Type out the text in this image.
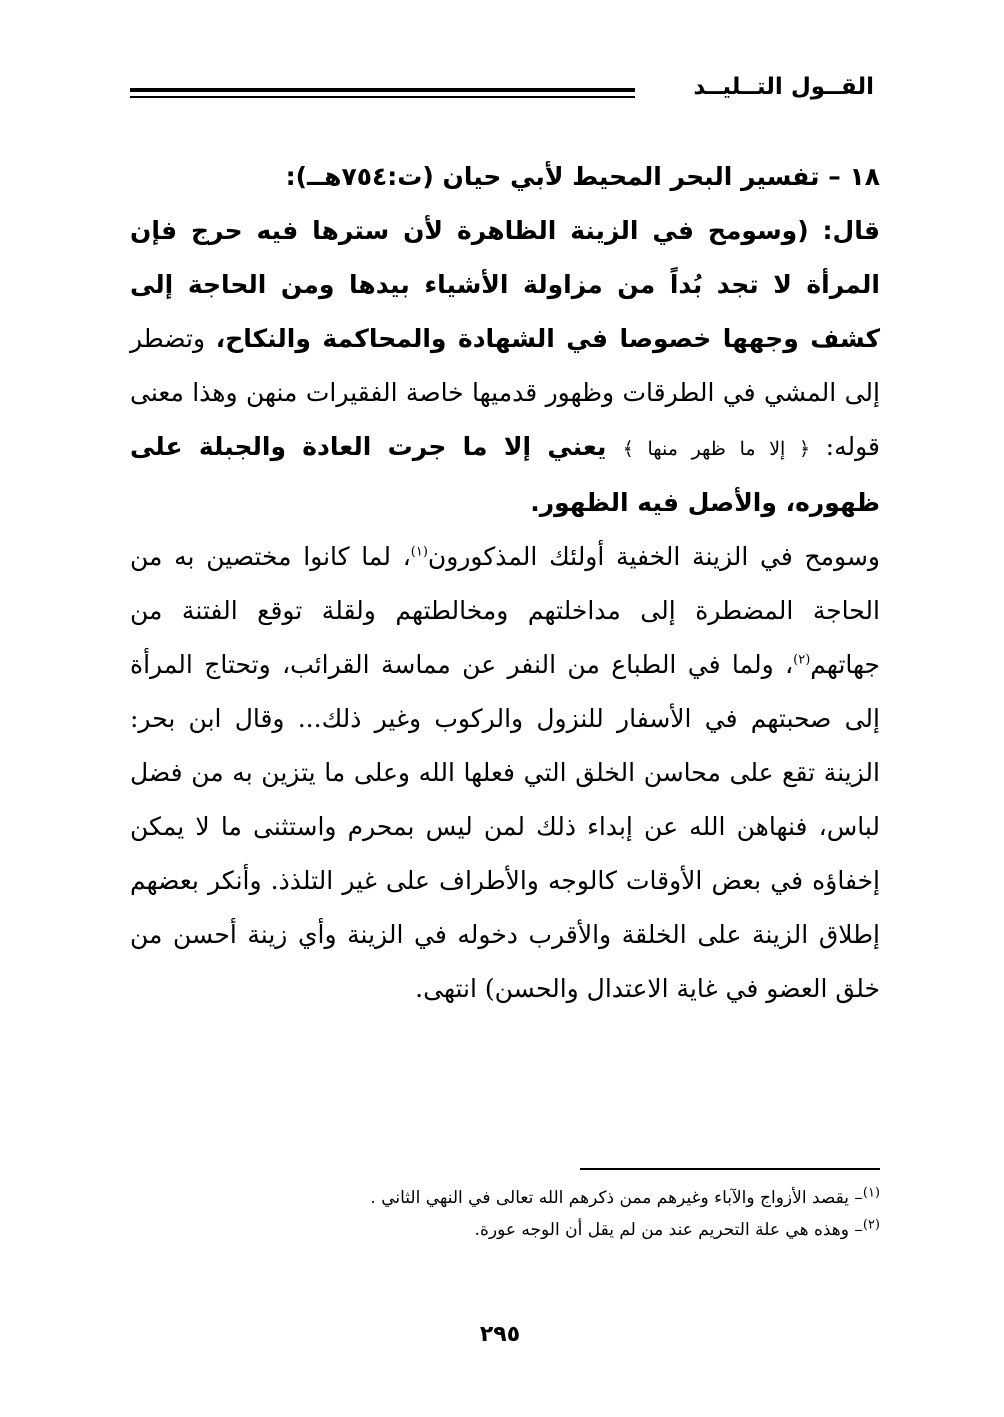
القــول التــليــد

١٨ – تفسير البحر المحيط لأبي حيان (ت:٧٥٤هــ):

قال: (وسومح في الزينة الظاهرة لأن سترها فيه حرج فإن المرأة لا تجد بُداً من مزاولة الأشياء بيدها ومن الحاجة إلى كشف وجهها خصوصا في الشهادة والمحاكمة والنكاح، وتضطر إلى المشي في الطرقات وظهور قدميها خاصة الفقيرات منهن وهذا معنى قوله: ﴿ إلا ما ظهر منها ﴾ يعني إلا ما جرت العادة والجبلة على ظهوره، والأصل فيه الظهور.

وسومح في الزينة الخفية أولئك المذكورون$^{(١)}$، لما كانوا مختصين به من الحاجة المضطرة إلى مداخلتهم ومخالطتهم ولقلة توقع الفتنة من جهاتهم$^{(٢)}$، ولما في الطباع من النفر عن مماسة القرائب، وتحتاج المرأة إلى صحبتهم في الأسفار للنزول والركوب وغير ذلك... وقال ابن بحر: الزينة تقع على محاسن الخلق التي فعلها الله وعلى ما يتزين به من فضل لباس، فنهاهن الله عن إبداء ذلك لمن ليس بمحرم واستثنى ما لا يمكن إخفاؤه في بعض الأوقات كالوجه والأطراف على غير التلذذ. وأنكر بعضهم إطلاق الزينة على الخلقة والأقرب دخوله في الزينة وأي زينة أحسن من خلق العضو في غاية الاعتدال والحسن) انتهى.

$^{(١)}$– يقصد الأزواج والآباء وغيرهم ممن ذكرهم الله تعالى في النهي الثاني .
$^{(٢)}$– وهذه هي علة التحريم عند من لم يقل أن الوجه عورة.
٢٩٥
